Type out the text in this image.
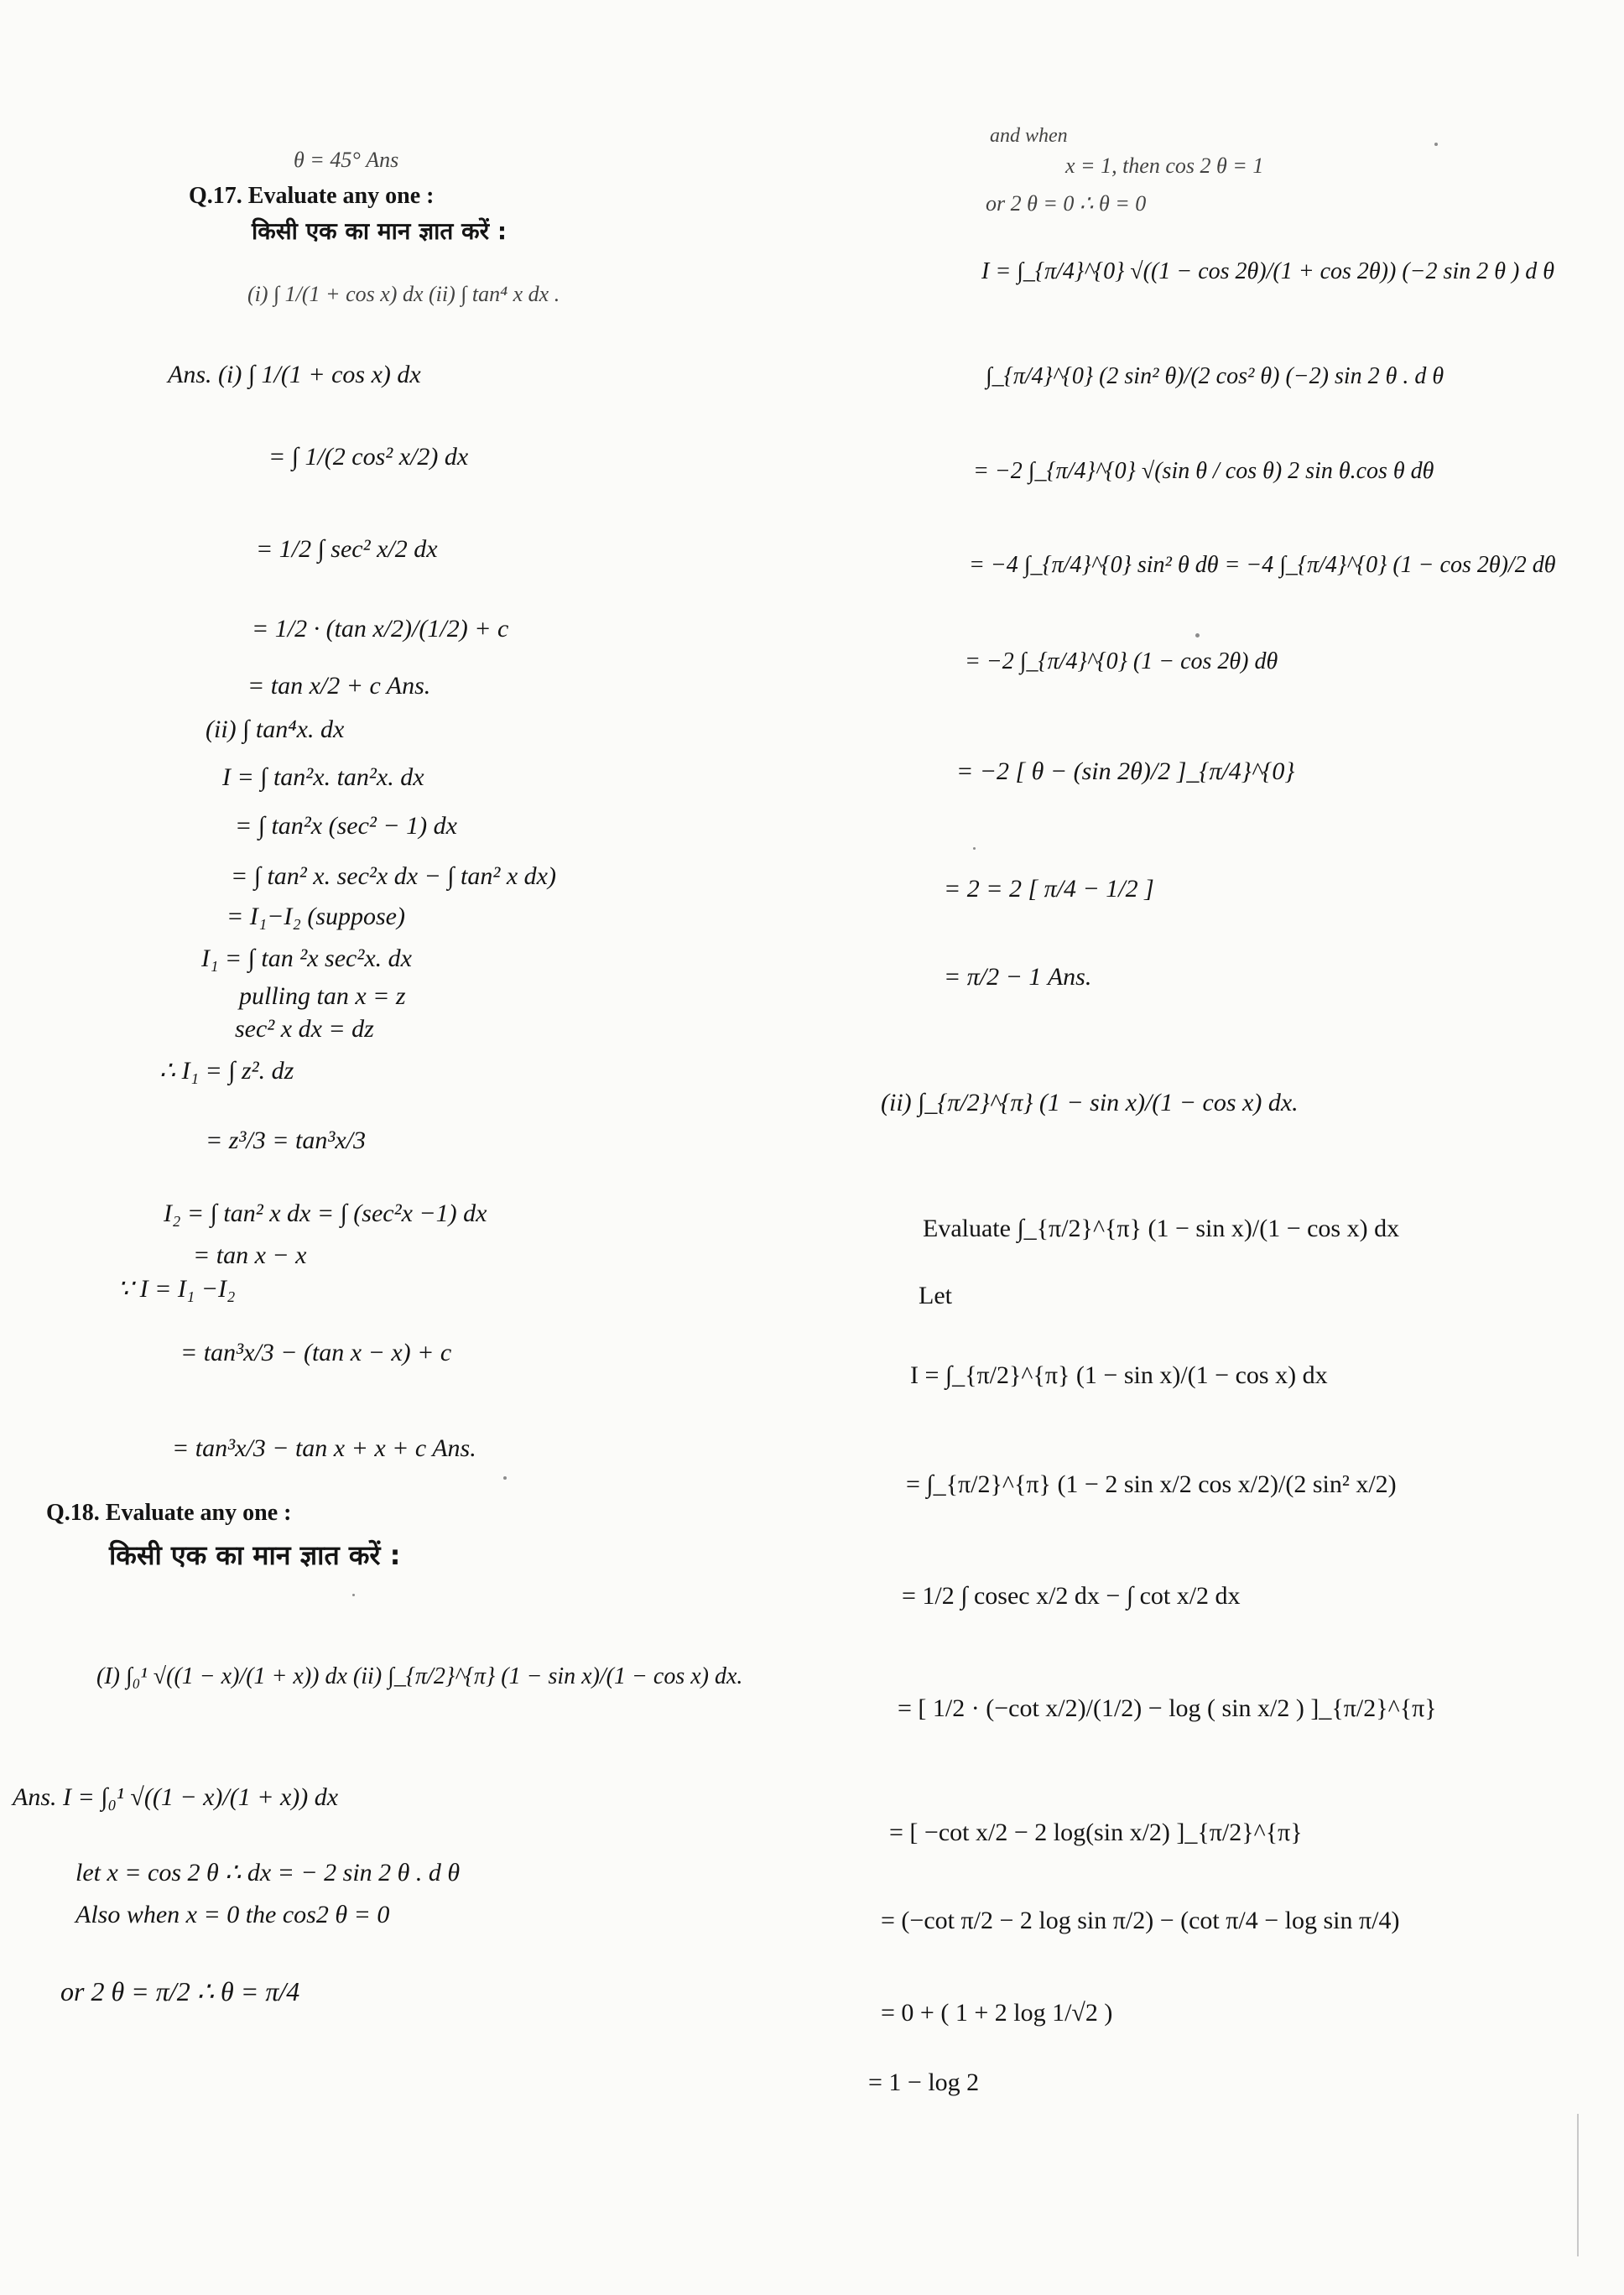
θ = 45° Ans
Q.17. Evaluate any one :
किसी एक का मान ज्ञात करें :
(i) ∫ 1/(1 + cos x) dx (ii) ∫ tan⁴ x dx .
Ans. (i) ∫ 1/(1 + cos x) dx
= ∫ 1/(2 cos² x/2) dx
= 1/2 ∫ sec² x/2 dx
= 1/2 · (tan x/2)/(1/2) + c
= tan x/2 + c Ans.
(ii) ∫ tan⁴x. dx
I = ∫ tan²x. tan²x. dx
= ∫ tan²x (sec² − 1) dx
= ∫ tan² x. sec²x dx − ∫ tan² x dx)
= I₁−I₂ (suppose)
I₁ = ∫ tan ²x sec²x. dx
pulling tan x = z
sec² x dx = dz
∴ I₁ = ∫ z². dz
= z³/3 = tan³x/3
I₂ = ∫ tan² x dx = ∫ (sec²x −1) dx
= tan x − x
∵ I = I₁ −I₂
= tan³x/3 − (tan x − x) + c
= tan³x/3 − tan x + x + c Ans.
Q.18. Evaluate any one :
किसी एक का मान ज्ञात करें :
(I) ∫₀¹ √((1 − x)/(1 + x)) dx (ii) ∫_{π/2}^{π} (1 − sin x)/(1 − cos x) dx.
Ans. I = ∫₀¹ √((1 − x)/(1 + x)) dx
let x = cos 2 θ ∴ dx = − 2 sin 2 θ . d θ
Also when x = 0 the cos2 θ = 0
or 2 θ = π/2 ∴ θ = π/4
and when
x = 1, then cos 2 θ = 1
or 2 θ = 0 ∴ θ = 0
I = ∫_{π/4}^{0} √((1 − cos 2θ)/(1 + cos 2θ)) (−2 sin 2 θ ) d θ
∫_{π/4}^{0} (2 sin² θ)/(2 cos² θ) (−2) sin 2 θ . d θ
= −2 ∫_{π/4}^{0} √(sin θ / cos θ) 2 sin θ.cos θ dθ
= −4 ∫_{π/4}^{0} sin² θ dθ = −4 ∫_{π/4}^{0} (1 − cos 2θ)/2 dθ
= −2 ∫_{π/4}^{0} (1 − cos 2θ) dθ
= −2 [ θ − (sin 2θ)/2 ]_{π/4}^{0}
= 2 = 2 [ π/4 − 1/2 ]
= π/2 − 1 Ans.
(ii) ∫_{π/2}^{π} (1 − sin x)/(1 − cos x) dx.
Evaluate ∫_{π/2}^{π} (1 − sin x)/(1 − cos x) dx
Let
I = ∫_{π/2}^{π} (1 − sin x)/(1 − cos x) dx
= ∫_{π/2}^{π} (1 − 2 sin x/2 cos x/2)/(2 sin² x/2)
= 1/2 ∫ cosec x/2 dx − ∫ cot x/2 dx
= [ 1/2 · (−cot x/2)/(1/2) − log ( sin x/2 ) ]_{π/2}^{π}
= [ −cot x/2 − 2 log(sin x/2) ]_{π/2}^{π}
= (−cot π/2 − 2 log sin π/2) − (cot π/4 − log sin π/4)
= 0 + ( 1 + 2 log 1/√2 )
= 1 − log 2
